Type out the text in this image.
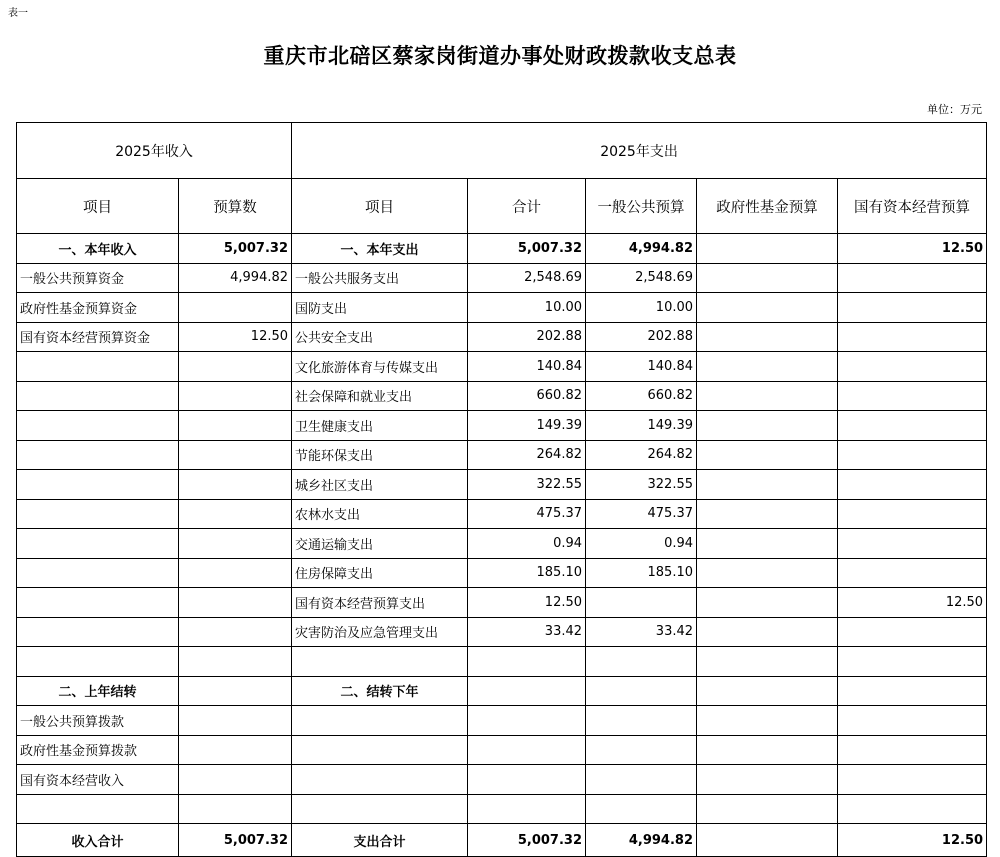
表一
重庆市北碚区蔡家岗街道办事处财政拨款收支总表
单位：万元
2025年收入		2025年支出				
项目	预算数	项目	合计	一般公共预算	政府性基金预算	国有资本经营预算
一、本年收入	5,007.32	一、本年支出	5,007.32	4,994.82		12.50
一般公共预算资金	4,994.82	一般公共服务支出	2,548.69	2,548.69		
政府性基金预算资金		国防支出	10.00	10.00		
国有资本经营预算资金	12.50	公共安全支出	202.88	202.88		
		文化旅游体育与传媒支出	140.84	140.84		
		社会保障和就业支出	660.82	660.82		
		卫生健康支出	149.39	149.39		
		节能环保支出	264.82	264.82		
		城乡社区支出	322.55	322.55		
		农林水支出	475.37	475.37		
		交通运输支出	0.94	0.94		
		住房保障支出	185.10	185.10		
		国有资本经营预算支出	12.50			12.50
		灾害防治及应急管理支出	33.42	33.42		

二、上年结转		二、结转下年				
一般公共预算拨款						
政府性基金预算拨款						
国有资本经营收入						

收入合计	5,007.32	支出合计	5,007.32	4,994.82		12.50
